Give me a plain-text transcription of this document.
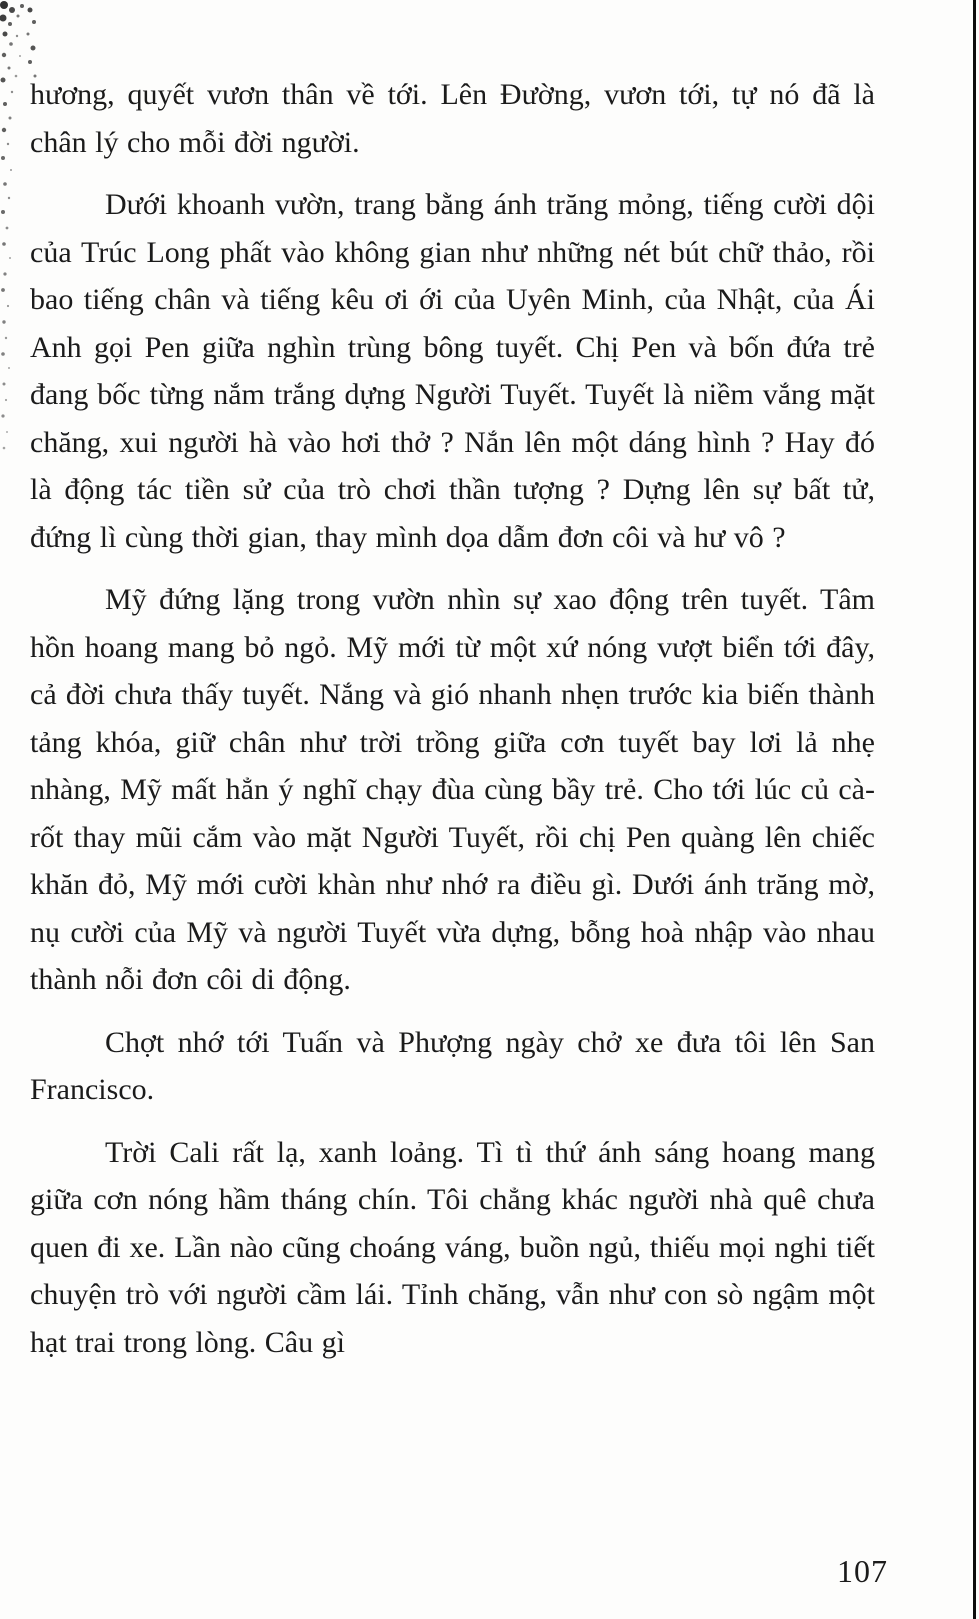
hương, quyết vươn thân về tới. Lên Đường, vươn tới, tự nó đã là chân lý cho mỗi đời người.

Dưới khoanh vườn, trang bằng ánh trăng mỏng, tiếng cười dội của Trúc Long phất vào không gian như những nét bút chữ thảo, rồi bao tiếng chân và tiếng kêu ơi ới của Uyên Minh, của Nhật, của Ái Anh gọi Pen giữa nghìn trùng bông tuyết. Chị Pen và bốn đứa trẻ đang bốc từng nắm trắng dựng Người Tuyết. Tuyết là niềm vắng mặt chăng, xui người hà vào hơi thở ? Nắn lên một dáng hình ? Hay đó là động tác tiền sử của trò chơi thần tượng ? Dựng lên sự bất tử, đứng lì cùng thời gian, thay mình dọa dẫm đơn côi và hư vô ?

Mỹ đứng lặng trong vườn nhìn sự xao động trên tuyết. Tâm hồn hoang mang bỏ ngỏ. Mỹ mới từ một xứ nóng vượt biển tới đây, cả đời chưa thấy tuyết. Nắng và gió nhanh nhẹn trước kia biến thành tảng khóa, giữ chân như trời trồng giữa cơn tuyết bay lơi lả nhẹ nhàng, Mỹ mất hẳn ý nghĩ chạy đùa cùng bầy trẻ. Cho tới lúc củ cà-rốt thay mũi cắm vào mặt Người Tuyết, rồi chị Pen quàng lên chiếc khăn đỏ, Mỹ mới cười khàn như nhớ ra điều gì. Dưới ánh trăng mờ, nụ cười của Mỹ và người Tuyết vừa dựng, bỗng hoà nhập vào nhau thành nỗi đơn côi di động.

Chợt nhớ tới Tuấn và Phượng ngày chở xe đưa tôi lên San Francisco.

Trời Cali rất lạ, xanh loảng. Tì tì thứ ánh sáng hoang mang giữa cơn nóng hầm tháng chín. Tôi chẳng khác người nhà quê chưa quen đi xe. Lần nào cũng choáng váng, buồn ngủ, thiếu mọi nghi tiết chuyện trò với người cầm lái. Tỉnh chăng, vẫn như con sò ngậm một hạt trai trong lòng. Câu gì

107
